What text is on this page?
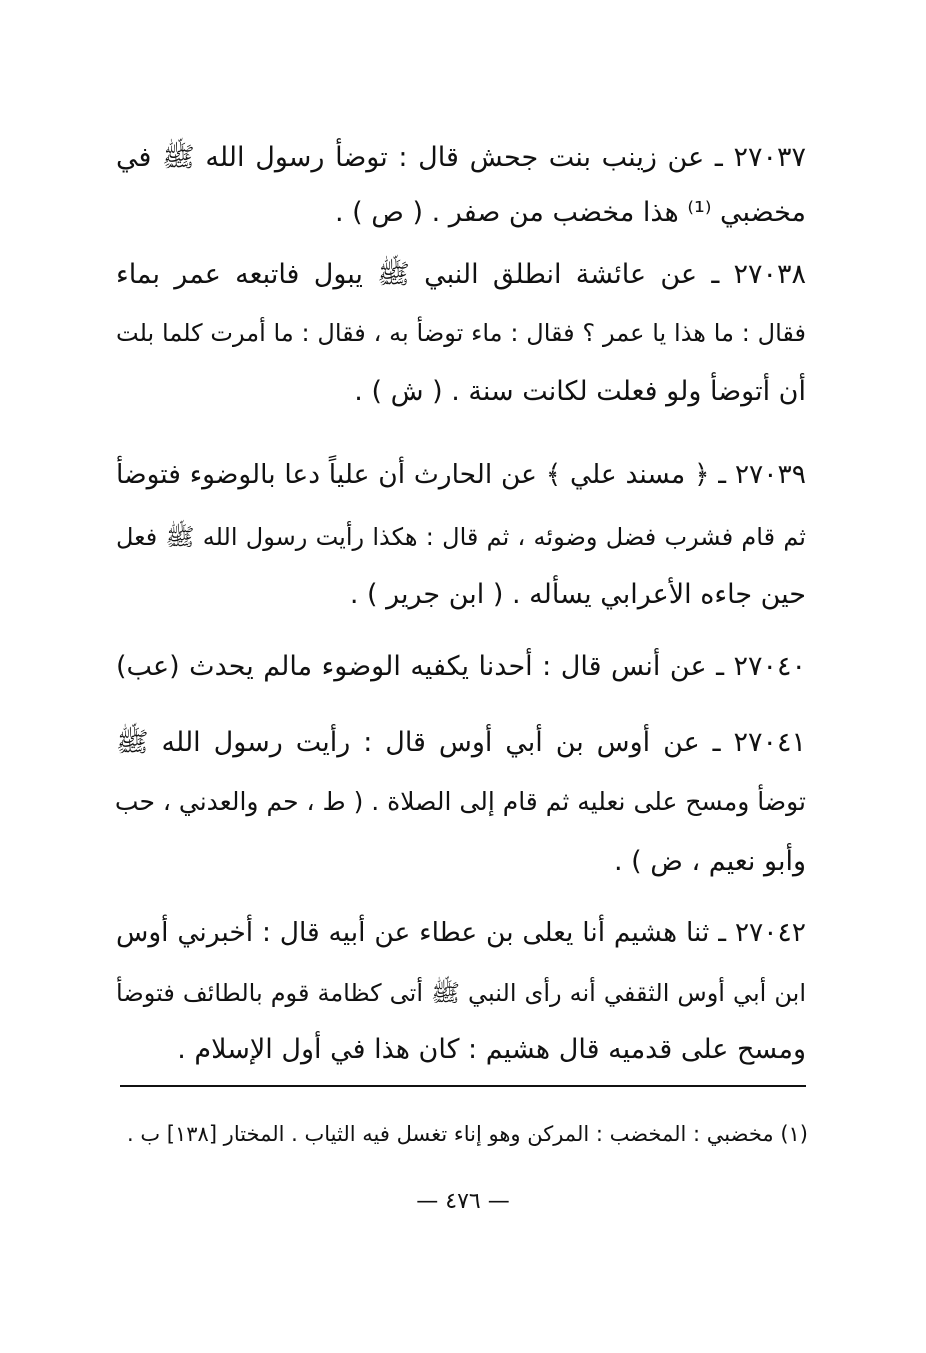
٢٧٠٣٧ ـ عن زينب بنت جحش قال : توضأ رسول الله ﷺ في
مخضبي ⁽¹⁾ هذا مخضب من صفر . ( ص ) .
٢٧٠٣٨ ـ عن عائشة انطلق النبي ﷺ يبول فاتبعه عمر بماء
فقال : ما هذا يا عمر ؟ فقال : ماء توضأ به ، فقال : ما أمرت كلما بلت
أن أتوضأ ولو فعلت لكانت سنة . ( ش ) .
٢٧٠٣٩ ـ ﴿ مسند علي ﴾ عن الحارث أن علياً دعا بالوضوء فتوضأ
ثم قام فشرب فضل وضوئه ، ثم قال : هكذا رأيت رسول الله ﷺ فعل
حين جاءه الأعرابي يسأله . ( ابن جرير ) .
٢٧٠٤٠ ـ عن أنس قال : أحدنا يكفيه الوضوء مالم يحدث (عب)
٢٧٠٤١ ـ عن أوس بن أبي أوس قال : رأيت رسول الله ﷺ
توضأ ومسح على نعليه ثم قام إلى الصلاة . ( ط ، حم والعدني ، حب
وأبو نعيم ، ض ) .
٢٧٠٤٢ ـ ثنا هشيم أنا يعلى بن عطاء عن أبيه قال : أخبرني أوس
ابن أبي أوس الثقفي أنه رأى النبي ﷺ أتى كظامة قوم بالطائف فتوضأ
ومسح على قدميه قال هشيم : كان هذا في أول الإسلام .
(١) مخضبي : المخضب : المركن وهو إناء تغسل فيه الثياب . المختار [١٣٨] ب .
— ٤٧٦ —
